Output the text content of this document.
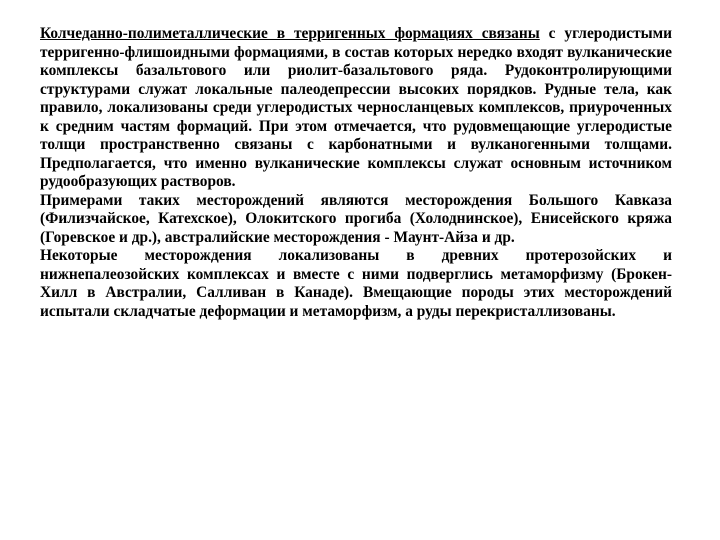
Колчеданно-полиметаллические в терригенных формациях связаны с углеродистыми терригенно-флишоидными формациями, в состав которых нередко входят вулканические комплексы базальтового или риолит-базальтового ряда. Рудоконтролирующими структурами служат локальные палеодепрессии высоких порядков. Рудные тела, как правило, локализованы среди углеродистых черносланцевых комплексов, приуроченных к средним частям формаций. При этом отмечается, что рудовмещающие углеродистые толщи пространственно связаны с карбонатными и вулканогенными толщами. Предполагается, что именно вулканические комплексы служат основным источником рудообразующих растворов.

Примерами таких месторождений являются месторождения Большого Кавказа (Филизчайское, Катехское), Олокитского прогиба (Холоднинское), Енисейского кряжа (Горевское и др.), австралийские месторождения - Маунт-Айза и др.

Некоторые месторождения локализованы в древних протерозойских и нижнепалеозойских комплексах и вместе с ними подверглись метаморфизму (Брокен-Хилл в Австралии, Салливан в Канаде). Вмещающие породы этих месторождений испытали складчатые деформации и метаморфизм, а руды перекристаллизованы.
